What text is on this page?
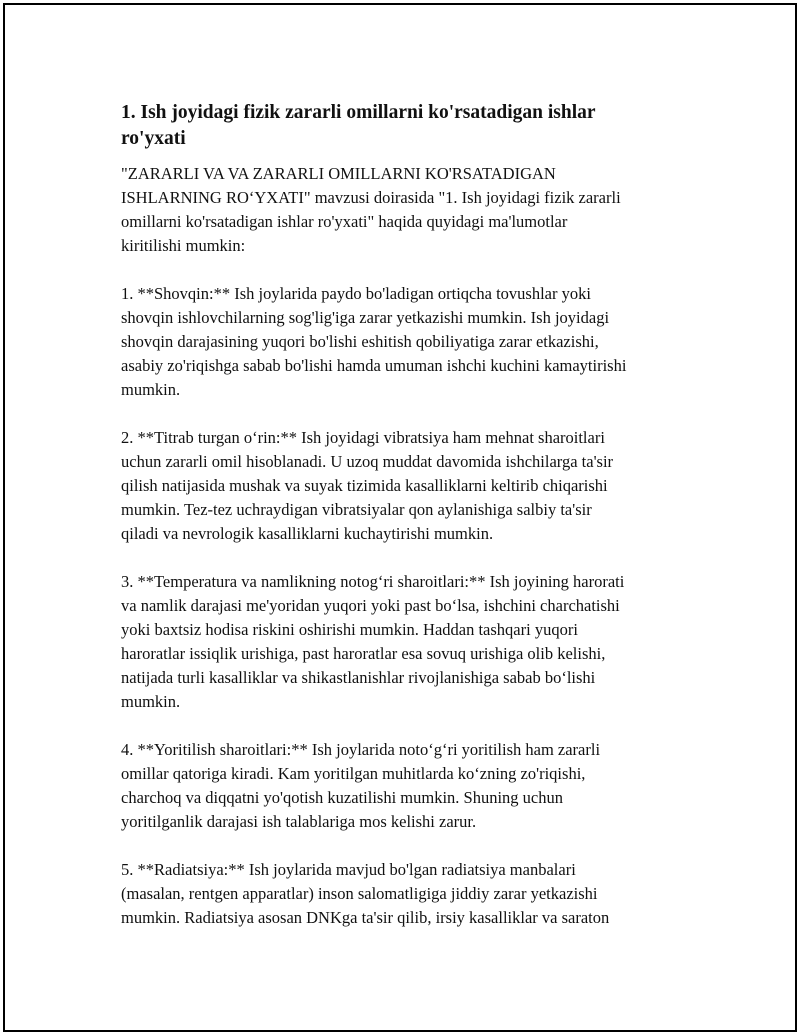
1. Ish joyidagi fizik zararli omillarni ko'rsatadigan ishlar
ro'yxati

"ZARARLI VA VA ZARARLI OMILLARNI KO'RSATADIGAN
ISHLARNING RO‘YXATI" mavzusi doirasida "1. Ish joyidagi fizik zararli
omillarni ko'rsatadigan ishlar ro'yxati" haqida quyidagi ma'lumotlar
kiritilishi mumkin:

1. **Shovqin:** Ish joylarida paydo bo'ladigan ortiqcha tovushlar yoki
shovqin ishlovchilarning sog'lig'iga zarar yetkazishi mumkin. Ish joyidagi
shovqin darajasining yuqori bo'lishi eshitish qobiliyatiga zarar etkazishi,
asabiy zo'riqishga sabab bo'lishi hamda umuman ishchi kuchini kamaytirishi
mumkin.

2. **Titrab turgan o‘rin:** Ish joyidagi vibratsiya ham mehnat sharoitlari
uchun zararli omil hisoblanadi. U uzoq muddat davomida ishchilarga ta'sir
qilish natijasida mushak va suyak tizimida kasalliklarni keltirib chiqarishi
mumkin. Tez-tez uchraydigan vibratsiyalar qon aylanishiga salbiy ta'sir
qiladi va nevrologik kasalliklarni kuchaytirishi mumkin.

3. **Temperatura va namlikning notog‘ri sharoitlari:** Ish joyining harorati
va namlik darajasi me'yoridan yuqori yoki past bo‘lsa, ishchini charchatishi
yoki baxtsiz hodisa riskini oshirishi mumkin. Haddan tashqari yuqori
haroratlar issiqlik urishiga, past haroratlar esa sovuq urishiga olib kelishi,
natijada turli kasalliklar va shikastlanishlar rivojlanishiga sabab bo‘lishi
mumkin.

4. **Yoritilish sharoitlari:** Ish joylarida noto‘g‘ri yoritilish ham zararli
omillar qatoriga kiradi. Kam yoritilgan muhitlarda ko‘zning zo'riqishi,
charchoq va diqqatni yo'qotish kuzatilishi mumkin. Shuning uchun
yoritilganlik darajasi ish talablariga mos kelishi zarur.

5. **Radiatsiya:** Ish joylarida mavjud bo'lgan radiatsiya manbalari
(masalan, rentgen apparatlar) inson salomatligiga jiddiy zarar yetkazishi
mumkin. Radiatsiya asosan DNKga ta'sir qilib, irsiy kasalliklar va saraton
